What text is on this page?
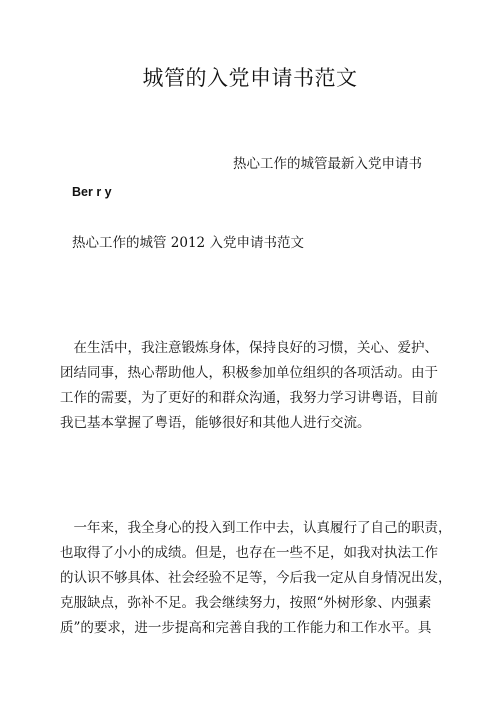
城管的入党申请书范文
热心工作的城管最新入党申请书
Ber r y
热心工作的城管 2012 入党申请书范文
　在生活中，我注意锻炼身体，保持良好的习惯，关心、爱护、
团结同事，热心帮助他人，积极参加单位组织的各项活动。由于
工作的需要，为了更好的和群众沟通，我努力学习讲粤语，目前
我已基本掌握了粤语，能够很好和其他人进行交流。
　一年来，我全身心的投入到工作中去，认真履行了自己的职责，
也取得了小小的成绩。但是，也存在一些不足，如我对执法工作
的认识不够具体、社会经验不足等，今后我一定从自身情况出发，
克服缺点，弥补不足。我会继续努力，按照“外树形象、内强素
质”的要求，进一步提高和完善自我的工作能力和工作水平。具
